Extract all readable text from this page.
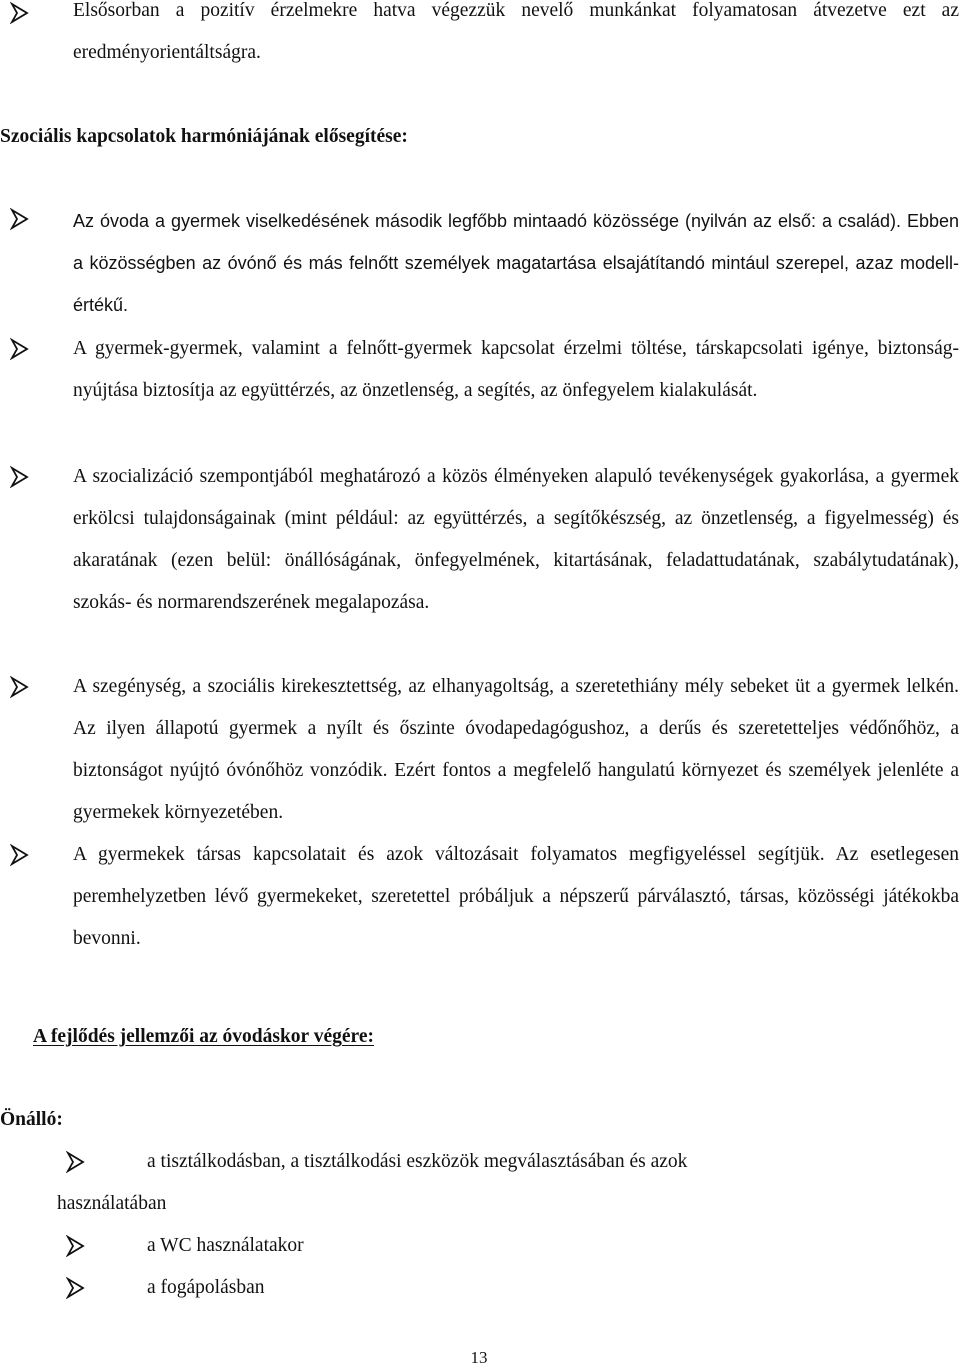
Elsősorban a pozitív érzelmekre hatva végezzük nevelő munkánkat folyamatosan átvezetve ezt az eredményorientáltságra.
Szociális kapcsolatok harmóniájának elősegítése:
Az óvoda a gyermek viselkedésének második legfőbb mintaadó közössége (nyilván az első: a család). Ebben a közösségben az óvónő és más felnőtt személyek magatartása elsajátítandó mintául szerepel, azaz modell-értékű.
A gyermek-gyermek, valamint a felnőtt-gyermek kapcsolat érzelmi töltése, társkapcsolati igénye, biztonság-nyújtása biztosítja az együttérzés, az önzetlenség, a segítés, az önfegyelem kialakulását.
A szocializáció szempontjából meghatározó a közös élményeken alapuló tevékenységek gyakorlása, a gyermek erkölcsi tulajdonságainak (mint például: az együttérzés, a segítőkészség, az önzetlenség, a figyelmesség) és akaratának (ezen belül: önállóságának, önfegyelmének, kitartásának, feladattudatának, szabálytudatának), szokás- és normarendszerének megalapozása.
A szegénység, a szociális kirekesztettség, az elhanyagoltság, a szeretethiány mély sebeket üt a gyermek lelkén. Az ilyen állapotú gyermek a nyílt és őszinte óvodapedagógushoz, a derűs és szeretetteljes védőnőhöz, a biztonságot nyújtó óvónőhöz vonzódik. Ezért fontos a megfelelő hangulatú környezet és személyek jelenléte a gyermekek környezetében.
A gyermekek társas kapcsolatait és azok változásait folyamatos megfigyeléssel segítjük. Az esetlegesen peremhelyzetben lévő gyermekeket, szeretettel próbáljuk a népszerű párválasztó, társas, közösségi játékokba bevonni.
A fejlődés jellemzői az óvodáskor végére:
Önálló:
a tisztálkodásban, a tisztálkodási eszközök megválasztásában és azok
használatában
a WC használatakor
a fogápolásban
13
